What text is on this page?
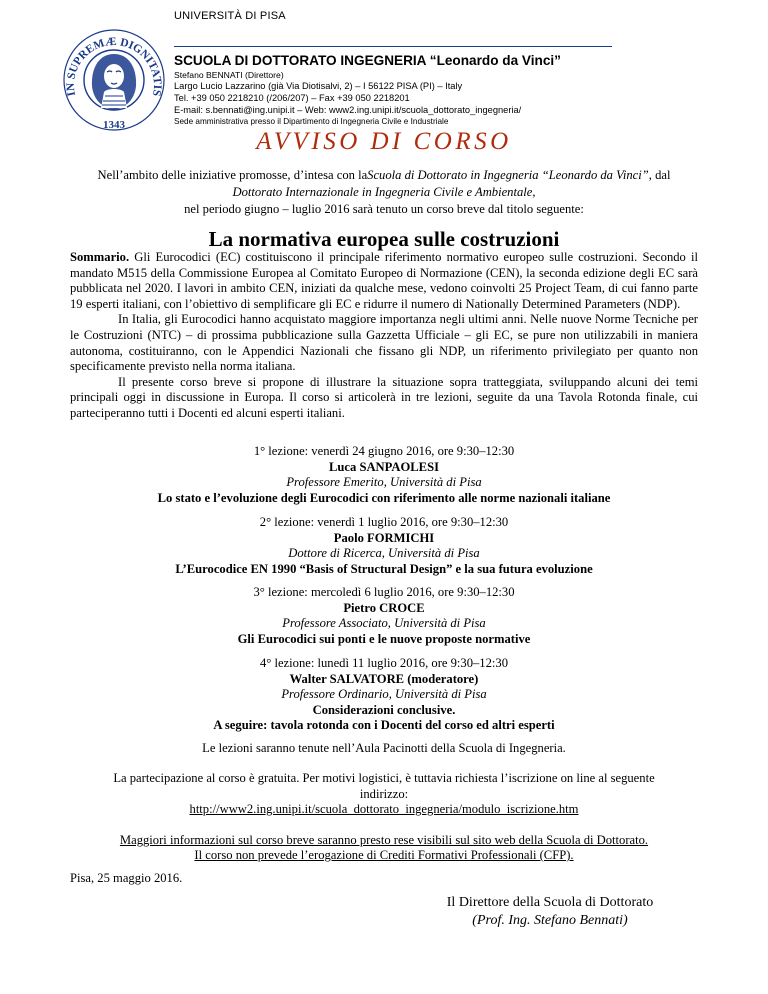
IN SUPREMÆ DIGNITATIS
1343
UNIVERSITÀ DI PISA
SCUOLA DI DOTTORATO INGEGNERIA “Leonardo da Vinci”
Stefano BENNATI (Direttore)
Largo Lucio Lazzarino (già Via Diotisalvi, 2) – I 56122 PISA (PI) – Italy
Tel. +39 050 2218210 (/206/207) – Fax +39 050 2218201
E-mail: s.bennati@ing.unipi.it – Web: www2.ing.unipi.it/scuola_dottorato_ingegneria/
Sede amministrativa presso il Dipartimento di Ingegneria Civile e Industriale
AVVISO DI CORSO
Nell’ambito delle iniziative promosse, d’intesa con laScuola di Dottorato in Ingegneria “Leonardo da Vinci”, dal
Dottorato Internazionale in Ingegneria Civile e Ambientale,
nel periodo giugno – luglio 2016 sarà tenuto un corso breve dal titolo seguente:
La normativa europea sulle costruzioni

Sommario. Gli Eurocodici (EC) costituiscono il principale riferimento normativo europeo sulle costruzioni. Secondo il mandato M515 della Commissione Europea al Comitato Europeo di Normazione (CEN), la seconda edizione degli EC sarà pubblicata nel 2020. I lavori in ambito CEN, iniziati da qualche mese, vedono coinvolti 25 Project Team, di cui fanno parte 19 esperti italiani, con l’obiettivo di semplificare gli EC e ridurre il numero di Nationally Determined Parameters (NDP).

In Italia, gli Eurocodici hanno acquistato maggiore importanza negli ultimi anni. Nelle nuove Norme Tecniche per le Costruzioni (NTC) – di prossima pubblicazione sulla Gazzetta Ufficiale – gli EC, se pure non utilizzabili in maniera autonoma, costituiranno, con le Appendici Nazionali che fissano gli NDP, un riferimento privilegiato per quanto non specificamente previsto nella norma italiana.

Il presente corso breve si propone di illustrare la situazione sopra tratteggiata, sviluppando alcuni dei temi principali oggi in discussione in Europa. Il corso si articolerà in tre lezioni, seguite da una Tavola Rotonda finale, cui parteciperanno tutti i Docenti ed alcuni esperti italiani.

1° lezione: venerdì 24 giugno 2016, ore 9:30–12:30
Luca SANPAOLESI
Professore Emerito, Università di Pisa
Lo stato e l’evoluzione degli Eurocodici con riferimento alle norme nazionali italiane
2° lezione: venerdì 1 luglio 2016, ore 9:30–12:30
Paolo FORMICHI
Dottore di Ricerca, Università di Pisa
L’Eurocodice EN 1990 “Basis of Structural Design” e la sua futura evoluzione
3° lezione: mercoledì 6 luglio 2016, ore 9:30–12:30
Pietro CROCE
Professore Associato, Università di Pisa
Gli Eurocodici sui ponti e le nuove proposte normative
4° lezione: lunedì 11 luglio 2016, ore 9:30–12:30
Walter SALVATORE (moderatore)
Professore Ordinario, Università di Pisa
Considerazioni conclusive.
A seguire: tavola rotonda con i Docenti del corso ed altri esperti
Le lezioni saranno tenute nell’Aula Pacinotti della Scuola di Ingegneria.
La partecipazione al corso è gratuita. Per motivi logistici, è tuttavia richiesta l’iscrizione on line al seguente
indirizzo:
http://www2.ing.unipi.it/scuola_dottorato_ingegneria/modulo_iscrizione.htm
Maggiori informazioni sul corso breve saranno presto rese visibili sul sito web della Scuola di Dottorato.
Il corso non prevede l’erogazione di Crediti Formativi Professionali (CFP).
Pisa, 25 maggio 2016.
Il Direttore della Scuola di Dottorato
(Prof. Ing. Stefano Bennati)
